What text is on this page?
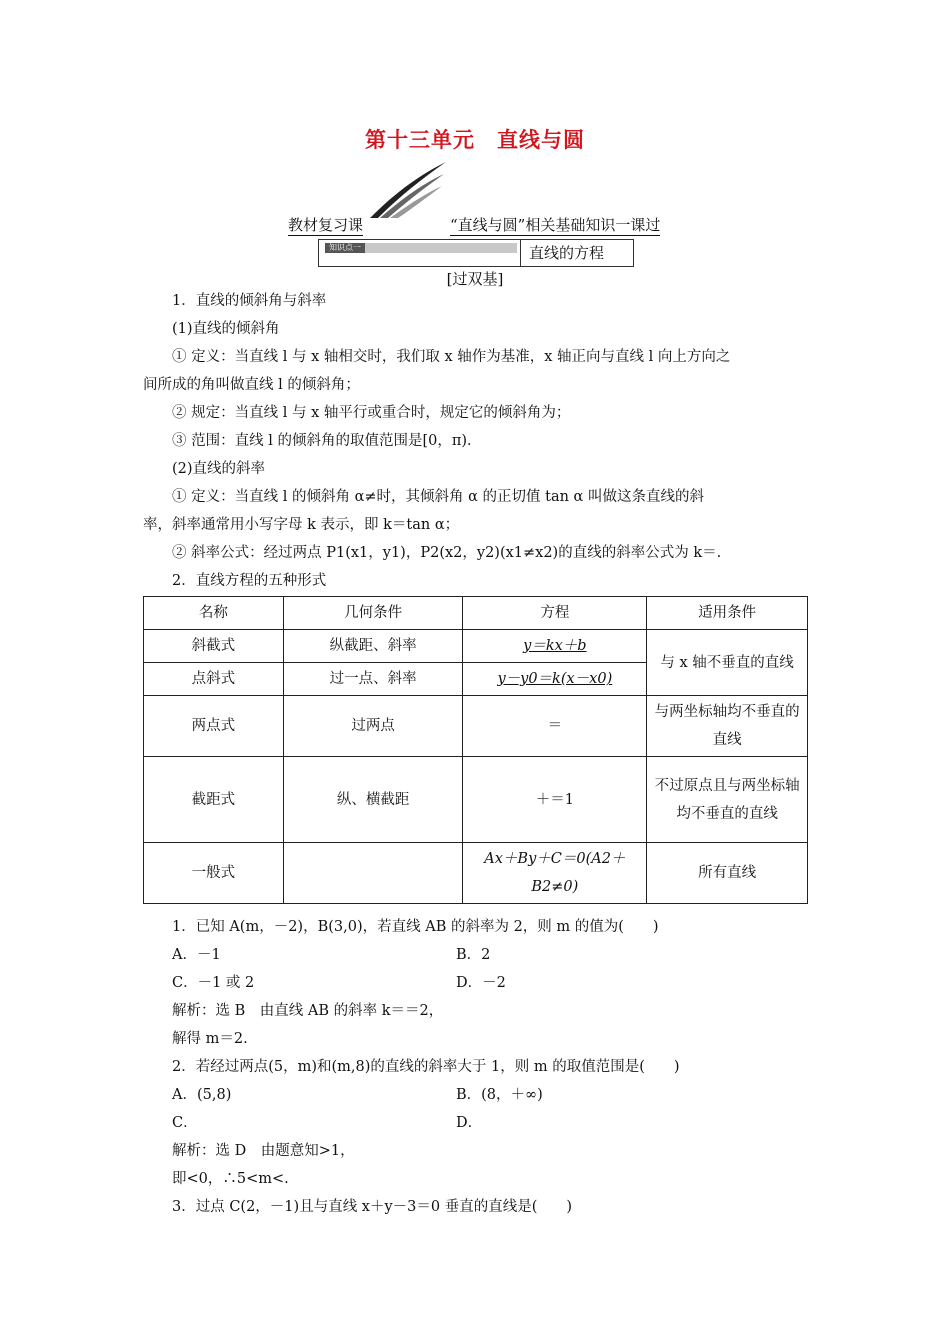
第十三单元　直线与圆
教材复习课	“直线与圆”相关基础知识一课过
知识点一	直线的方程
[过双基]
1．直线的倾斜角与斜率
(1)直线的倾斜角
① 定义：当直线 l 与 x 轴相交时，我们取 x 轴作为基准，x 轴正向与直线 l 向上方向之
间所成的角叫做直线 l 的倾斜角；
② 规定：当直线 l 与 x 轴平行或重合时，规定它的倾斜角为；
③ 范围：直线 l 的倾斜角的取值范围是[0，π)．
(2)直线的斜率
① 定义：当直线 l 的倾斜角 α≠时，其倾斜角 α 的正切值 tan α 叫做这条直线的斜
率，斜率通常用小写字母 k 表示，即 k＝tan α；
② 斜率公式：经过两点 P1(x1，y1)，P2(x2，y2)(x1≠x2)的直线的斜率公式为 k＝.
2．直线方程的五种形式
名称	几何条件	方程	适用条件
斜截式	纵截距、斜率	y＝kx＋b	与 x 轴不垂直的直线
点斜式	过一点、斜率	y－y0＝k(x－x0)	
两点式	过两点	＝	与两坐标轴均不垂直的直线
截距式	纵、横截距	＋＝1	不过原点且与两坐标轴均不垂直的直线
一般式		Ax＋By＋C＝0(A2＋B2≠0)	所有直线
1．已知 A(m，－2)，B(3,0)，若直线 AB 的斜率为 2，则 m 的值为(　　)
A．－1	B．2
C．－1 或 2	D．－2
解析：选 B　由直线 AB 的斜率 k＝＝2，
解得 m＝2.
2．若经过两点(5，m)和(m,8)的直线的斜率大于 1，则 m 的取值范围是(　　)
A．(5,8)	B．(8，＋∞)
C．	D．
解析：选 D　由题意知>1，
即<0，∴5<m<.
3．过点 C(2，－1)且与直线 x＋y－3＝0 垂直的直线是(　　)
